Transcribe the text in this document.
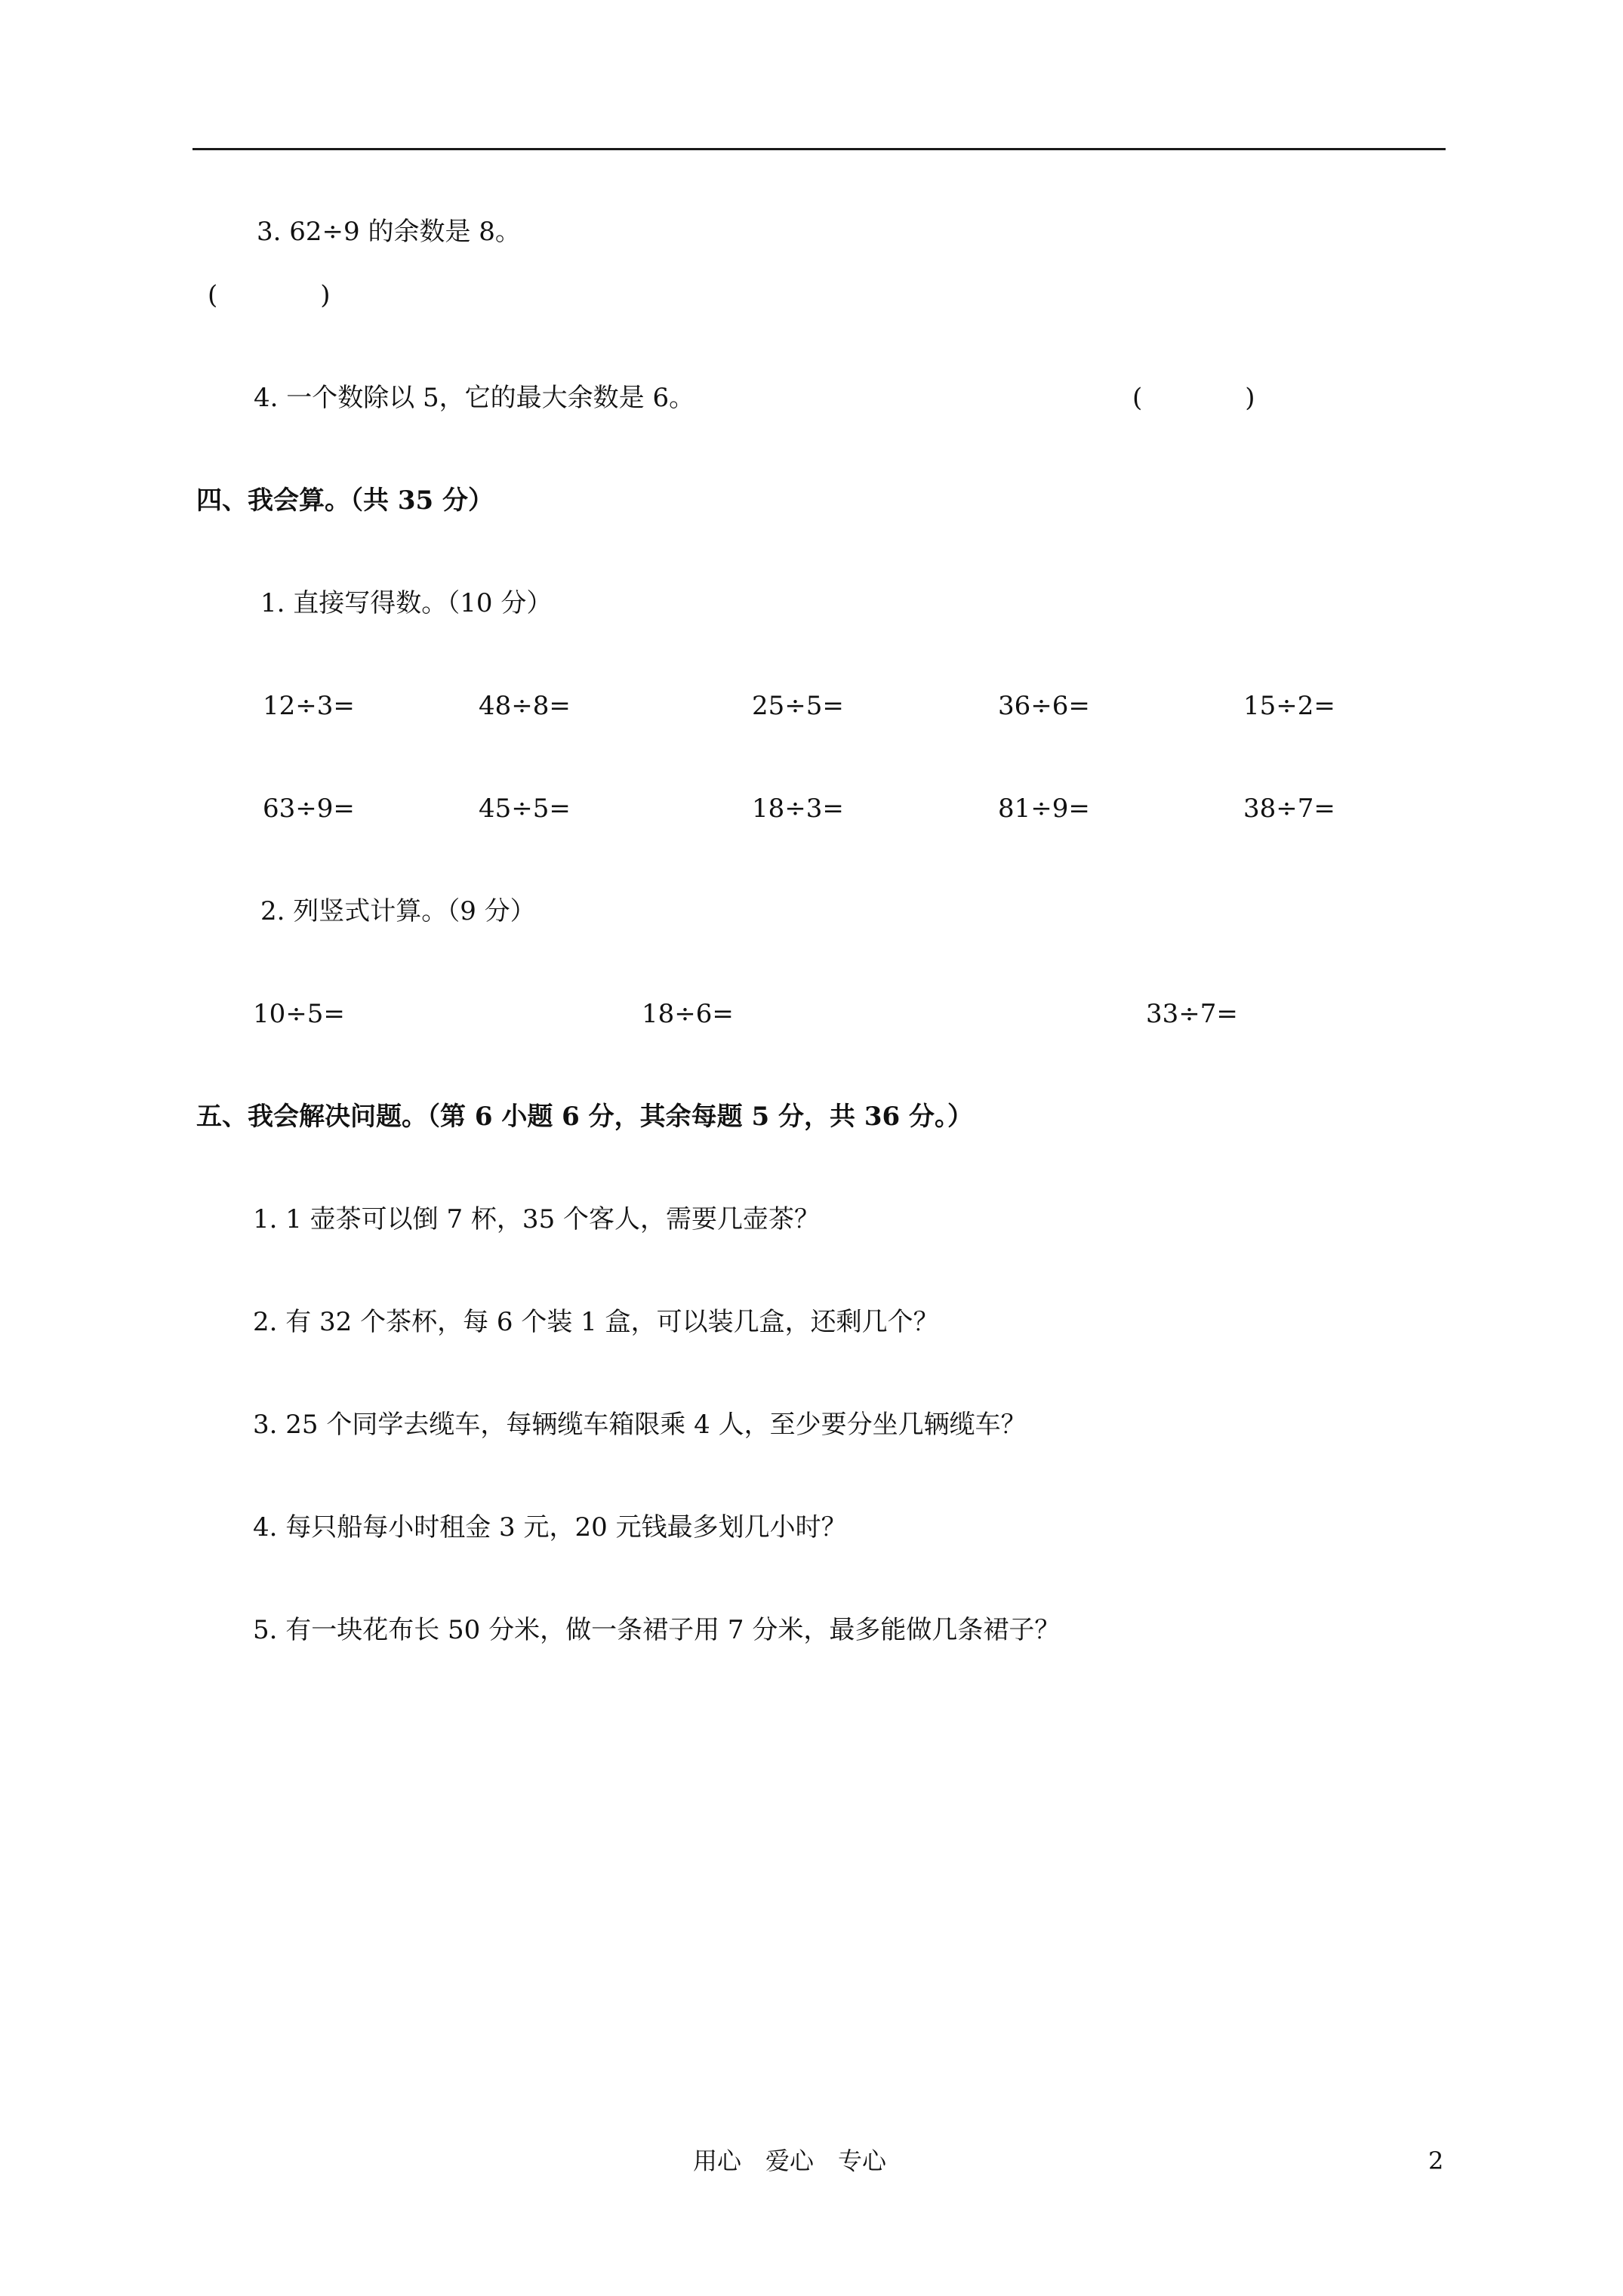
3. 62÷9 的余数是 8。
(　　　　)
4. 一个数除以 5，它的最大余数是 6。	(　　　　)
四、我会算。（共 35 分）
1. 直接写得数。（10 分）
12÷3=	48÷8=	25÷5=	36÷6=	15÷2=
63÷9=	45÷5=	18÷3=	81÷9=	38÷7=
2. 列竖式计算。（9 分）
10÷5=	18÷6=	33÷7=
五、我会解决问题。（第 6 小题 6 分，其余每题 5 分，共 36 分。）
1. 1 壶茶可以倒 7 杯，35 个客人，需要几壶茶？
2. 有 32 个茶杯，每 6 个装 1 盒，可以装几盒，还剩几个？
3. 25 个同学去缆车，每辆缆车箱限乘 4 人，至少要分坐几辆缆车？
4. 每只船每小时租金 3 元，20 元钱最多划几小时？
5. 有一块花布长 50 分米，做一条裙子用 7 分米，最多能做几条裙子？
用心　爱心　专心	2
